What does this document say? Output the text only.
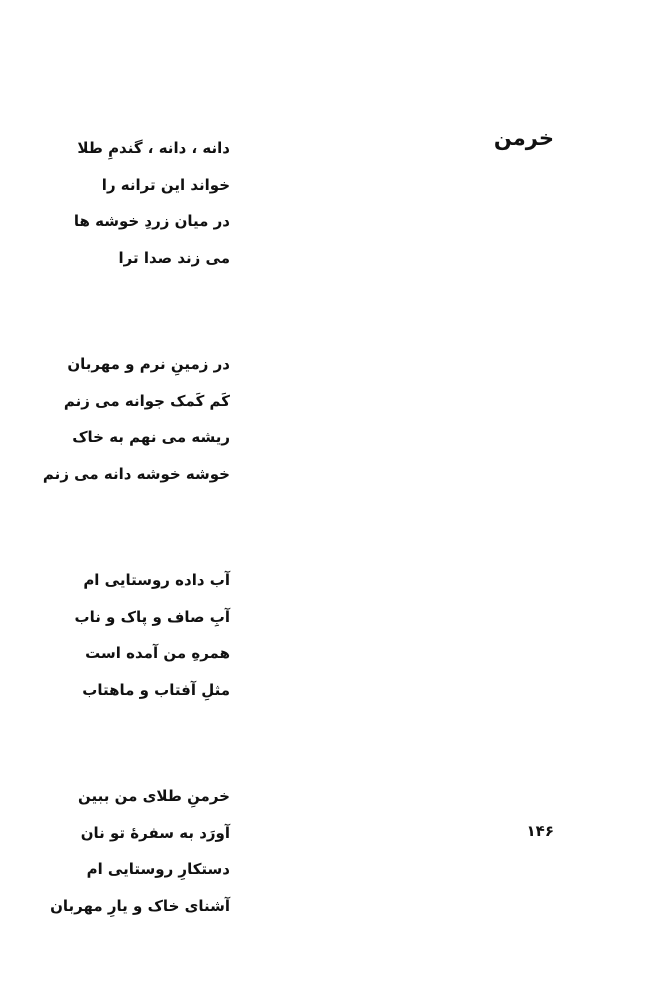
خرمن
دانه ، دانه ، گندمِ طلا
خواند این ترانه را
در میان زردِ خوشه ها
می زند صدا ترا
در زمینِ نرم و مهربان
کَم کَمک جوانه می زنم
ریشه می نهم به خاک
خوشه خوشه دانه می زنم
آب داده روستایی ام
آبِ صاف و پاک و ناب
همرهِ من آمده است
مثلِ آفتاب و ماهتاب
خرمنِ طلای من ببین
آورَد به سفرهٔ تو نان
دستکارِ روستایی ام
آشنای خاک و یارِ مهربان
۱۴۶
